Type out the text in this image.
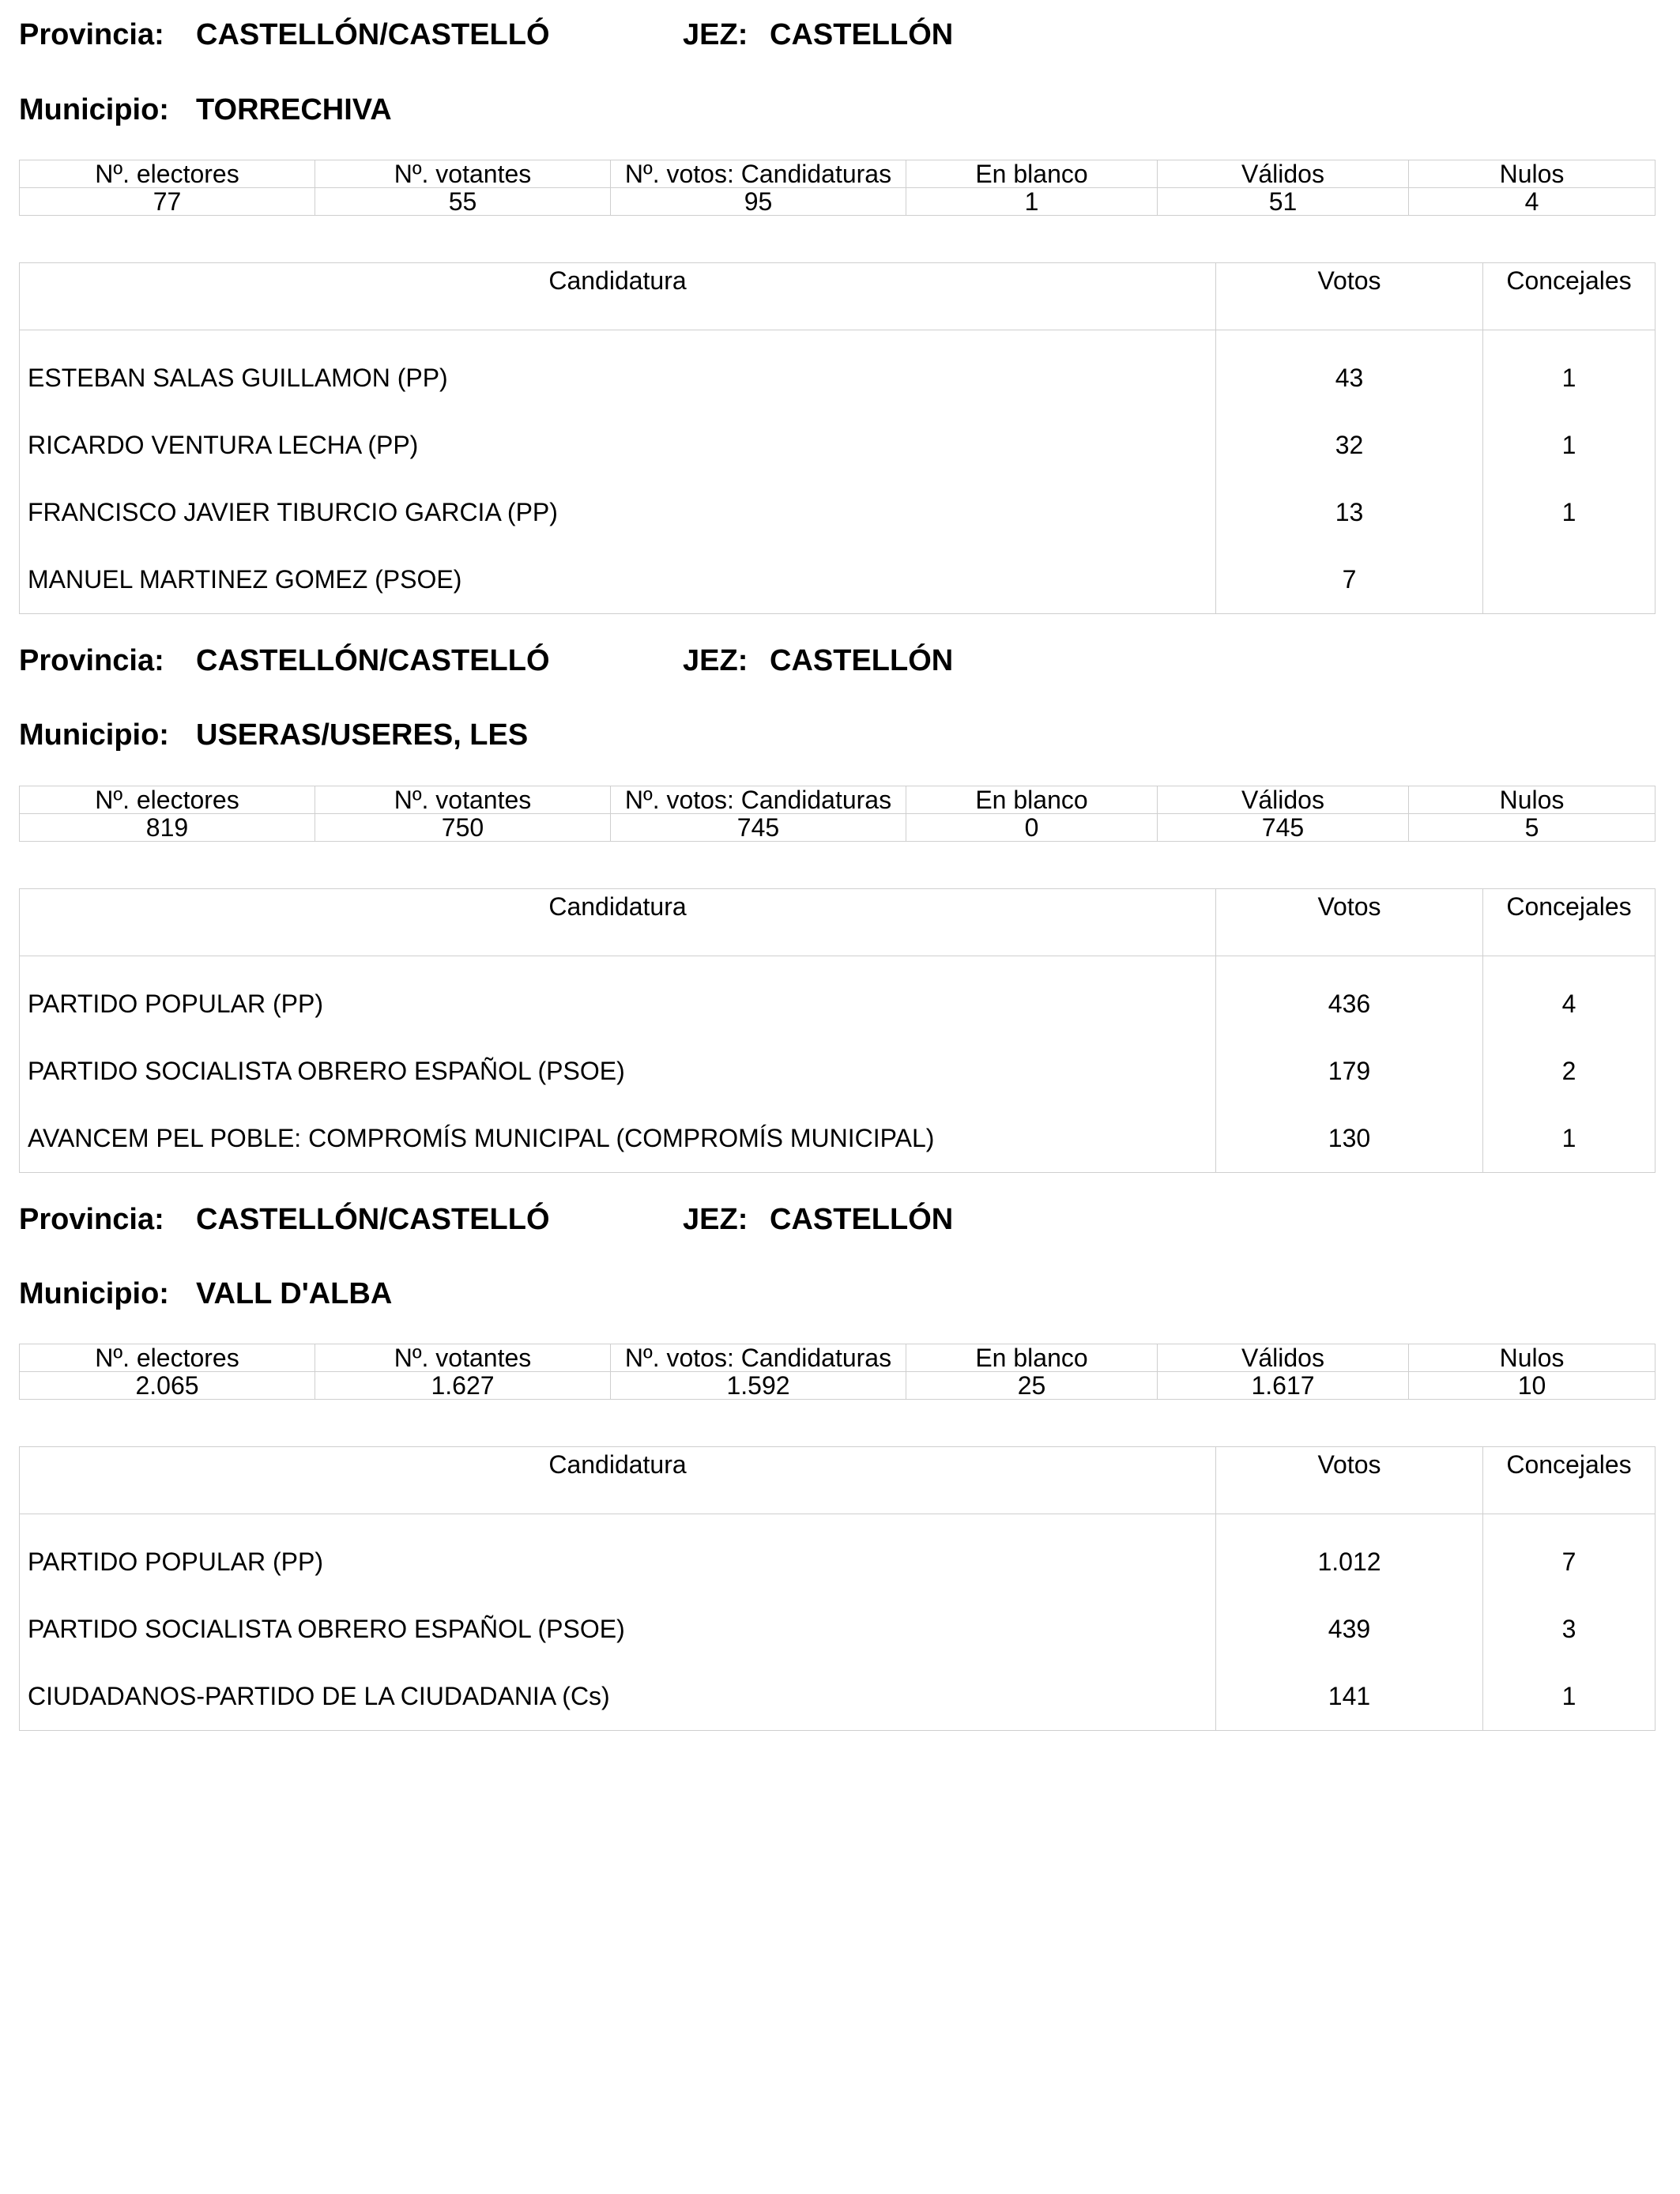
Provincia: CASTELLÓN/CASTELLÓ	JEZ: CASTELLÓN
Municipio: TORRECHIVA
Nº. electores	Nº. votantes	Nº. votos: Candidaturas	En blanco	Válidos	Nulos
77	55	95	1	51	4
Candidatura	Votos	Concejales
ESTEBAN SALAS GUILLAMON (PP)	43	1
RICARDO VENTURA LECHA (PP)	32	1
FRANCISCO JAVIER TIBURCIO GARCIA (PP)	13	1
MANUEL MARTINEZ GOMEZ (PSOE)	7	
Provincia: CASTELLÓN/CASTELLÓ	JEZ: CASTELLÓN
Municipio: USERAS/USERES, LES
Nº. electores	Nº. votantes	Nº. votos: Candidaturas	En blanco	Válidos	Nulos
819	750	745	0	745	5
Candidatura	Votos	Concejales
PARTIDO POPULAR (PP)	436	4
PARTIDO SOCIALISTA OBRERO ESPAÑOL (PSOE)	179	2
AVANCEM PEL POBLE: COMPROMÍS MUNICIPAL (COMPROMÍS MUNICIPAL)	130	1
Provincia: CASTELLÓN/CASTELLÓ	JEZ: CASTELLÓN
Municipio: VALL D'ALBA
Nº. electores	Nº. votantes	Nº. votos: Candidaturas	En blanco	Válidos	Nulos
2.065	1.627	1.592	25	1.617	10
Candidatura	Votos	Concejales
PARTIDO POPULAR (PP)	1.012	7
PARTIDO SOCIALISTA OBRERO ESPAÑOL (PSOE)	439	3
CIUDADANOS-PARTIDO DE LA CIUDADANIA (Cs)	141	1
